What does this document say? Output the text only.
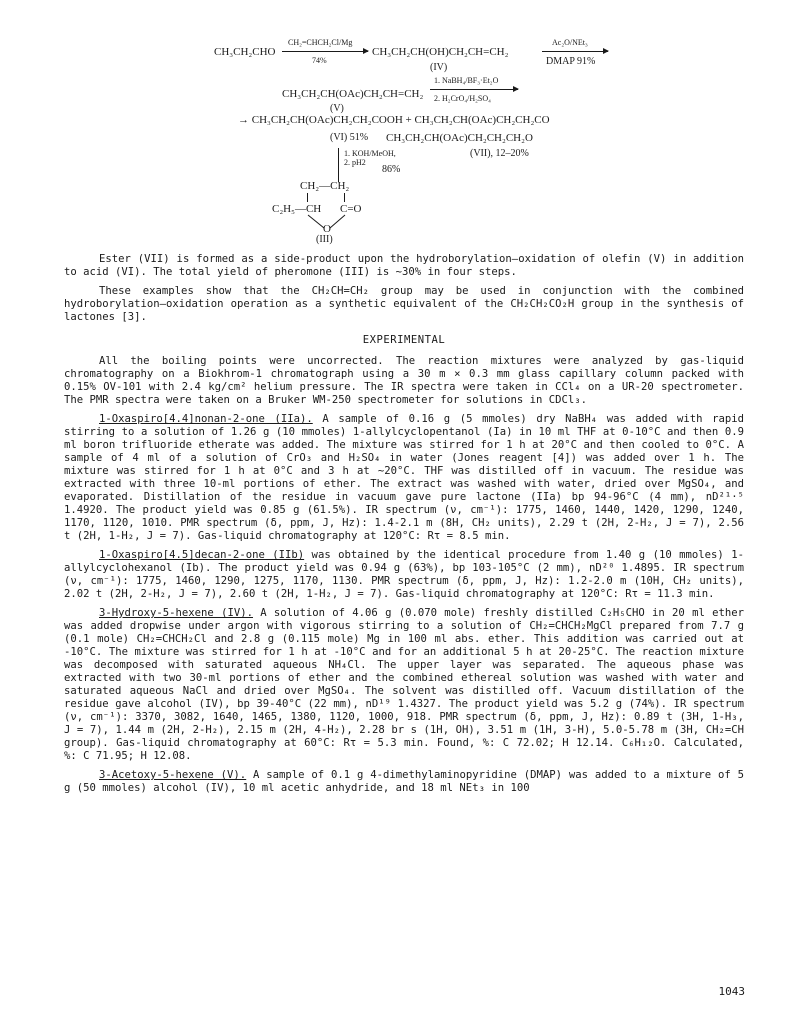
CH₃CH₂CHO
CH₂=CHCH₂Cl/Mg
74%
CH₃CH₂CH(OH)CH₂CH=CH₂
(IV)
Ac₂O/NEt₃
DMAP 91%
CH₃CH₂CH(OAc)CH₂CH=CH₂
(V)
1. NaBH₄/BF₃·Et₂O
2. H₂CrO₄/H₂SO₄
→ CH₃CH₂CH(OAc)CH₂CH₂COOH + CH₃CH₂CH(OAc)CH₂CH₂CO
(VI) 51% CH₃CH₂CH(OAc)CH₂CH₂CH₂O
(VII), 12–20%
1. KOH/MeOH,
2. pH2
86%
CH₂—CH₂
C₂H₅—CH C=O
O
(III)

Ester (VII) is formed as a side-product upon the hydroborylation–oxidation of olefin (V) in addition to acid (VI). The total yield of pheromone (III) is ~30% in four steps.

These examples show that the CH₂CH=CH₂ group may be used in conjunction with the combined hydroborylation–oxidation operation as a synthetic equivalent of the CH₂CH₂CO₂H group in the synthesis of lactones [3].

EXPERIMENTAL

All the boiling points were uncorrected. The reaction mixtures were analyzed by gas-liquid chromatography on a Biokhrom-1 chromatograph using a 30 m × 0.3 mm glass capillary column packed with 0.15% OV-101 with 2.4 kg/cm² helium pressure. The IR spectra were taken in CCl₄ on a UR-20 spectrometer. The PMR spectra were taken on a Bruker WM-250 spectrometer for solutions in CDCl₃.

1-Oxaspiro[4.4]nonan-2-one (IIa). A sample of 0.16 g (5 mmoles) dry NaBH₄ was added with rapid stirring to a solution of 1.26 g (10 mmoles) 1-allylcyclopentanol (Ia) in 10 ml THF at 0-10°C and then 0.9 ml boron trifluoride etherate was added. The mixture was stirred for 1 h at 20°C and then cooled to 0°C. A sample of 4 ml of a solution of CrO₃ and H₂SO₄ in water (Jones reagent [4]) was added over 1 h. The mixture was stirred for 1 h at 0°C and 3 h at ~20°C. THF was distilled off in vacuum. The residue was extracted with three 10-ml portions of ether. The extract was washed with water, dried over MgSO₄, and evaporated. Distillation of the residue in vacuum gave pure lactone (IIa) bp 94-96°C (4 mm), nD²¹·⁵ 1.4920. The product yield was 0.85 g (61.5%). IR spectrum (ν, cm⁻¹): 1775, 1460, 1440, 1420, 1290, 1240, 1170, 1120, 1010. PMR spectrum (δ, ppm, J, Hz): 1.4-2.1 m (8H, CH₂ units), 2.29 t (2H, 2-H₂, J = 7), 2.56 t (2H, 1-H₂, J = 7). Gas-liquid chromatography at 120°C: Rτ = 8.5 min.

1-Oxaspiro[4.5]decan-2-one (IIb) was obtained by the identical procedure from 1.40 g (10 mmoles) 1-allylcyclohexanol (Ib). The product yield was 0.94 g (63%), bp 103-105°C (2 mm), nD²⁰ 1.4895. IR spectrum (ν, cm⁻¹): 1775, 1460, 1290, 1275, 1170, 1130. PMR spectrum (δ, ppm, J, Hz): 1.2-2.0 m (10H, CH₂ units), 2.02 t (2H, 2-H₂, J = 7), 2.60 t (2H, 1-H₂, J = 7). Gas-liquid chromatography at 120°C: Rτ = 11.3 min.

3-Hydroxy-5-hexene (IV). A solution of 4.06 g (0.070 mole) freshly distilled C₂H₅CHO in 20 ml ether was added dropwise under argon with vigorous stirring to a solution of CH₂=CHCH₂MgCl prepared from 7.7 g (0.1 mole) CH₂=CHCH₂Cl and 2.8 g (0.115 mole) Mg in 100 ml abs. ether. This addition was carried out at -10°C. The mixture was stirred for 1 h at -10°C and for an additional 5 h at 20-25°C. The reaction mixture was decomposed with saturated aqueous NH₄Cl. The upper layer was separated. The aqueous phase was extracted with two 30-ml portions of ether and the combined ethereal solution was washed with water and saturated aqueous NaCl and dried over MgSO₄. The solvent was distilled off. Vacuum distillation of the residue gave alcohol (IV), bp 39-40°C (22 mm), nD¹⁹ 1.4327. The product yield was 5.2 g (74%). IR spectrum (ν, cm⁻¹): 3370, 3082, 1640, 1465, 1380, 1120, 1000, 918. PMR spectrum (δ, ppm, J, Hz): 0.89 t (3H, 1-H₃, J = 7), 1.44 m (2H, 2-H₂), 2.15 m (2H, 4-H₂), 2.28 br s (1H, OH), 3.51 m (1H, 3-H), 5.0-5.78 m (3H, CH₂=CH group). Gas-liquid chromatography at 60°C: Rτ = 5.3 min. Found, %: C 72.02; H 12.14. C₆H₁₂O. Calculated, %: C 71.95; H 12.08.

3-Acetoxy-5-hexene (V). A sample of 0.1 g 4-dimethylaminopyridine (DMAP) was added to a mixture of 5 g (50 mmoles) alcohol (IV), 10 ml acetic anhydride, and 18 ml NEt₃ in 100

1043
